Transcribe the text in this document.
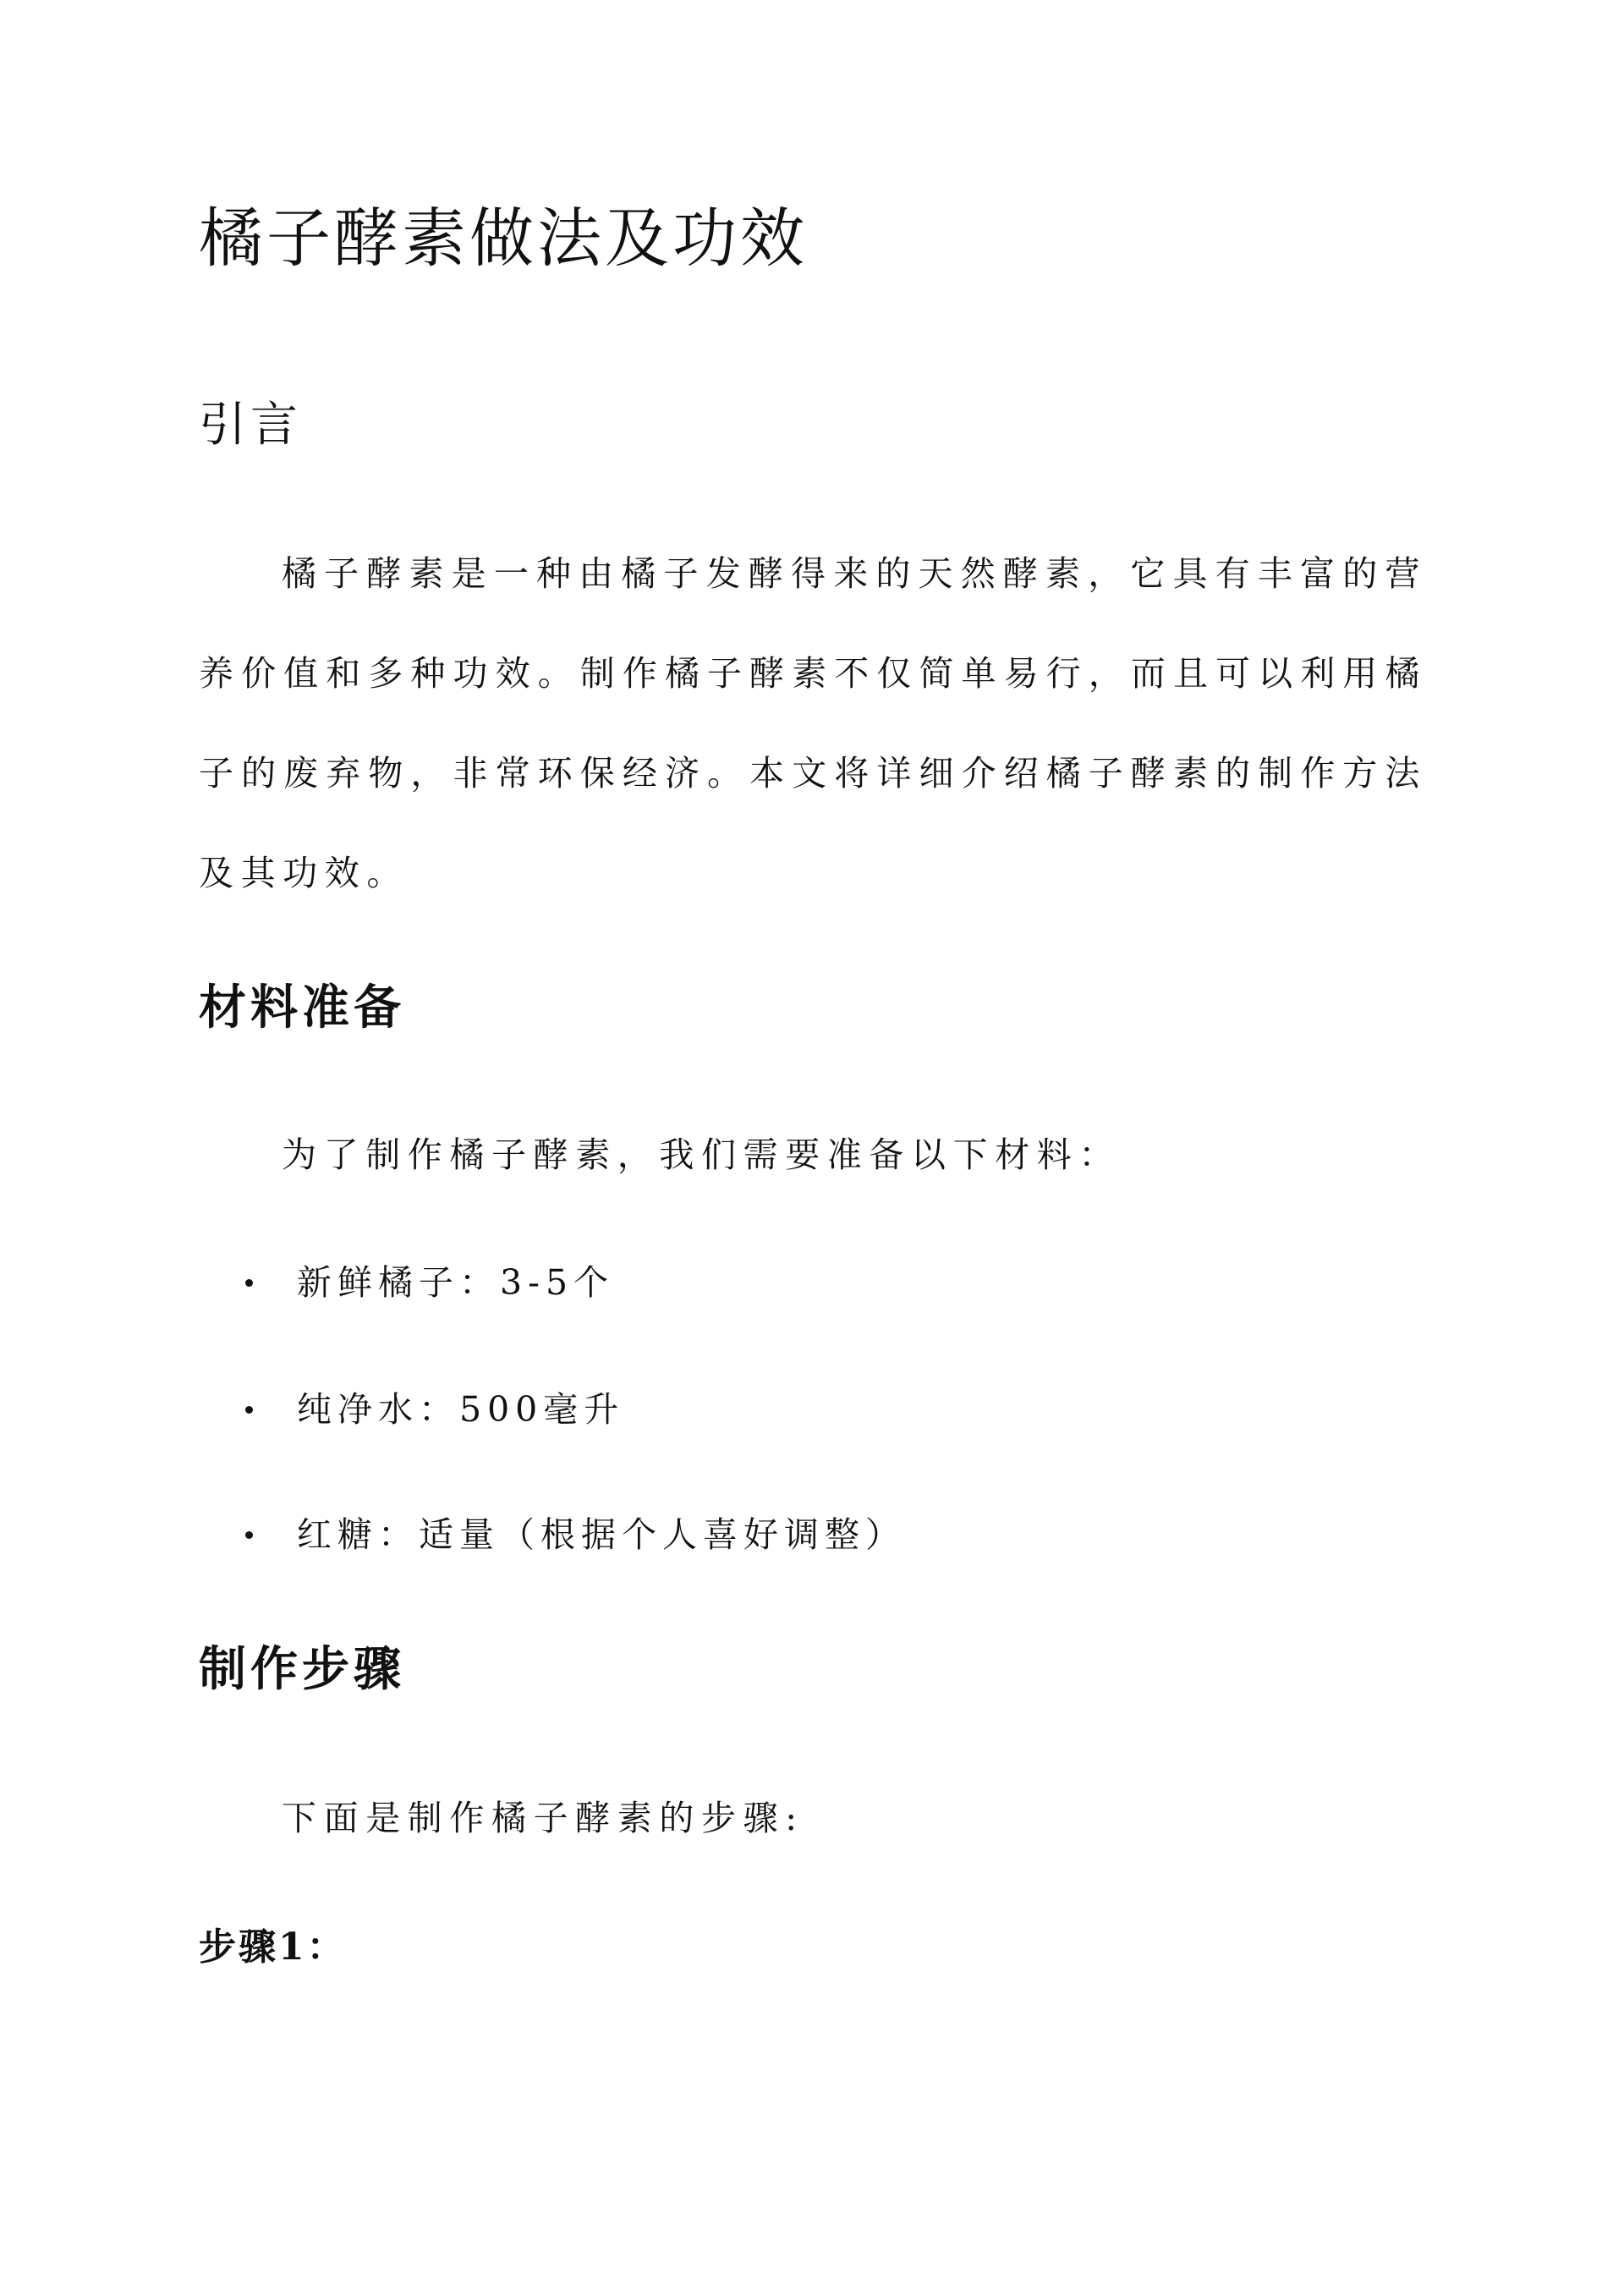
橘子酵素做法及功效
引言

橘子酵素是一种由橘子发酵得来的天然酵素，它具有丰富的营养价值和多种功效。制作橘子酵素不仅简单易行，而且可以利用橘子的废弃物，非常环保经济。本文将详细介绍橘子酵素的制作方法及其功效。

材料准备

为了制作橘子酵素，我们需要准备以下材料：

新鲜橘子：3-5个
纯净水：500毫升
红糖：适量（根据个人喜好调整）
制作步骤

下面是制作橘子酵素的步骤:

步骤1：
